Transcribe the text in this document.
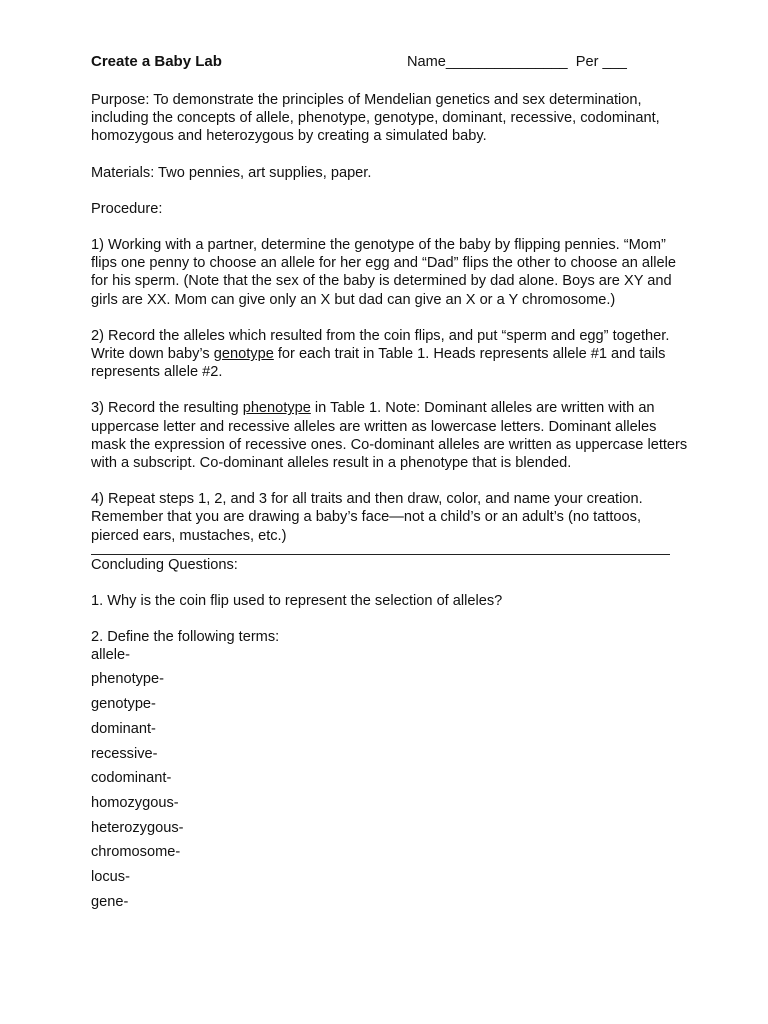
Create a Baby Lab	Name_______________  Per ___

Purpose: To demonstrate the principles of Mendelian genetics and sex determination, including the concepts of allele, phenotype, genotype, dominant, recessive, codominant, homozygous and heterozygous by creating a simulated baby.

Materials: Two pennies, art supplies, paper.

Procedure:

1) Working with a partner, determine the genotype of the baby by flipping pennies. “Mom” flips one penny to choose an allele for her egg and “Dad” flips the other to choose an allele for his sperm. (Note that the sex of the baby is determined by dad alone. Boys are XY and girls are XX. Mom can give only an X but dad can give an X or a Y chromosome.)

2) Record the alleles which resulted from the coin flips, and put “sperm and egg” together. Write down baby’s genotype for each trait in Table 1. Heads represents allele #1 and tails represents allele #2.

3) Record the resulting phenotype in Table 1. Note: Dominant alleles are written with an uppercase letter and recessive alleles are written as lowercase letters. Dominant alleles mask the expression of recessive ones. Co-dominant alleles are written as uppercase letters with a subscript. Co-dominant alleles result in a phenotype that is blended.

4) Repeat steps 1, 2, and 3 for all traits and then draw, color, and name your creation. Remember that you are drawing a baby’s face—not a child’s or an adult’s (no tattoos, pierced ears, mustaches, etc.)

Concluding Questions:

1. Why is the coin flip used to represent the selection of alleles?

2. Define the following terms:

allele-
phenotype-
genotype-
dominant-
recessive-
codominant-
homozygous-
heterozygous-
chromosome-
locus-
gene-
